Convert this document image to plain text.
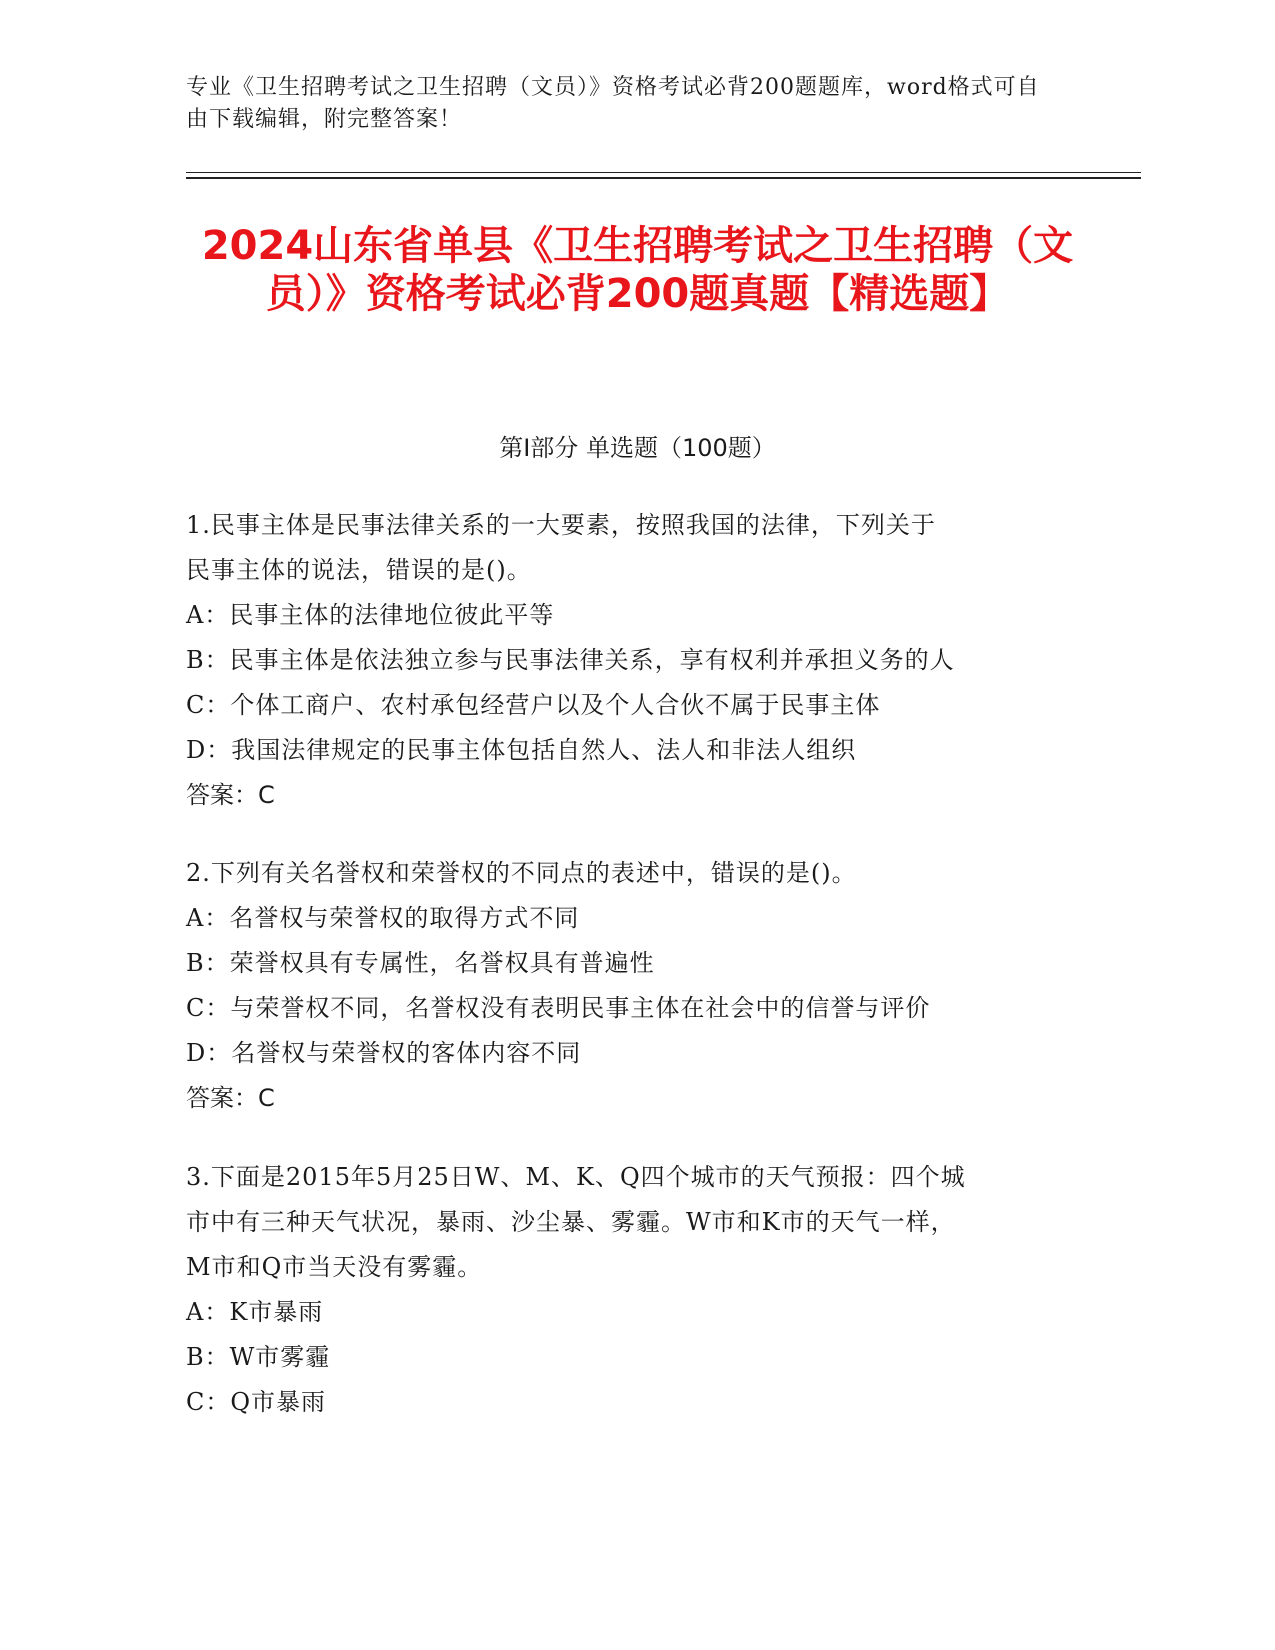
专业《卫生招聘考试之卫生招聘（文员）》资格考试必背200题题库，word格式可自由下载编辑，附完整答案！
2024山东省单县《卫生招聘考试之卫生招聘（文员）》资格考试必背200题真题【精选题】
第I部分 单选题（100题）
1.民事主体是民事法律关系的一大要素，按照我国的法律，下列关于
民事主体的说法，错误的是()。
A：民事主体的法律地位彼此平等
B：民事主体是依法独立参与民事法律关系，享有权利并承担义务的人
C：个体工商户、农村承包经营户以及个人合伙不属于民事主体
D：我国法律规定的民事主体包括自然人、法人和非法人组织
答案：C
2.下列有关名誉权和荣誉权的不同点的表述中，错误的是()。
A：名誉权与荣誉权的取得方式不同
B：荣誉权具有专属性，名誉权具有普遍性
C：与荣誉权不同，名誉权没有表明民事主体在社会中的信誉与评价
D：名誉权与荣誉权的客体内容不同
答案：C
3.下面是2015年5月25日W、M、K、Q四个城市的天气预报：四个城
市中有三种天气状况，暴雨、沙尘暴、雾霾。W市和K市的天气一样，
M市和Q市当天没有雾霾。
A：K市暴雨
B：W市雾霾
C：Q市暴雨
